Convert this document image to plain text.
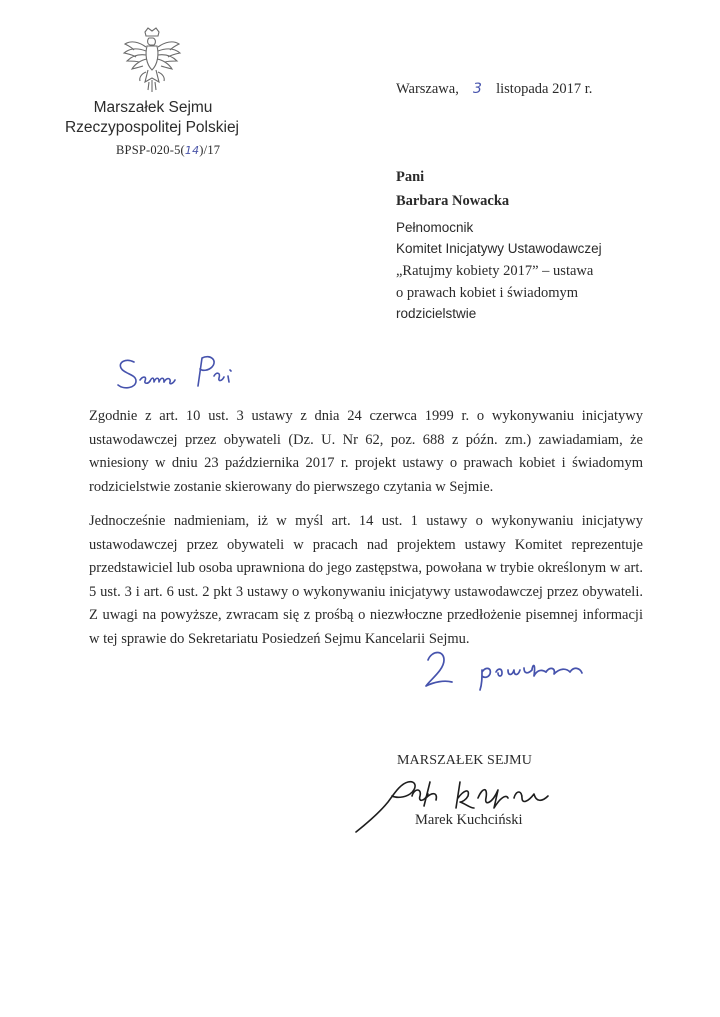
Marszałek Sejmu
Rzeczypospolitej Polskiej
BPSP-020-5(14)/17
Warszawa, 3 listopada 2017 r.
Pani
Barbara Nowacka
Pełnomocnik
Komitet Inicjatywy Ustawodawczej
„Ratujmy kobiety 2017” – ustawa
o prawach kobiet i świadomym
rodzicielstwie
Szanowna Pani
Zgodnie z art. 10 ust. 3 ustawy z dnia 24 czerwca 1999 r. o wykonywaniu inicjatywy ustawodawczej przez obywateli (Dz. U. Nr 62, poz. 688 z późn. zm.) zawiadamiam, że wniesiony w dniu 23 października 2017 r. projekt ustawy o prawach kobiet i świadomym rodzicielstwie zostanie skierowany do pierwszego czytania w Sejmie.
Jednocześnie nadmieniam, iż w myśl art. 14 ust. 1 ustawy o wykonywaniu inicjatywy ustawodawczej przez obywateli w pracach nad projektem ustawy Komitet reprezentuje przedstawiciel lub osoba uprawniona do jego zastępstwa, powołana w trybie określonym w art. 5 ust. 3 i art. 6 ust. 2 pkt 3 ustawy o wykonywaniu inicjatywy ustawodawczej przez obywateli. Z uwagi na powyższe, zwracam się z prośbą o niezwłoczne przedłożenie pisemnej informacji w tej sprawie do Sekretariatu Posiedzeń Sejmu Kancelarii Sejmu.
z poważaniem
MARSZAŁEK SEJMU
Marek Kuchciński
Marek Kuchciński
